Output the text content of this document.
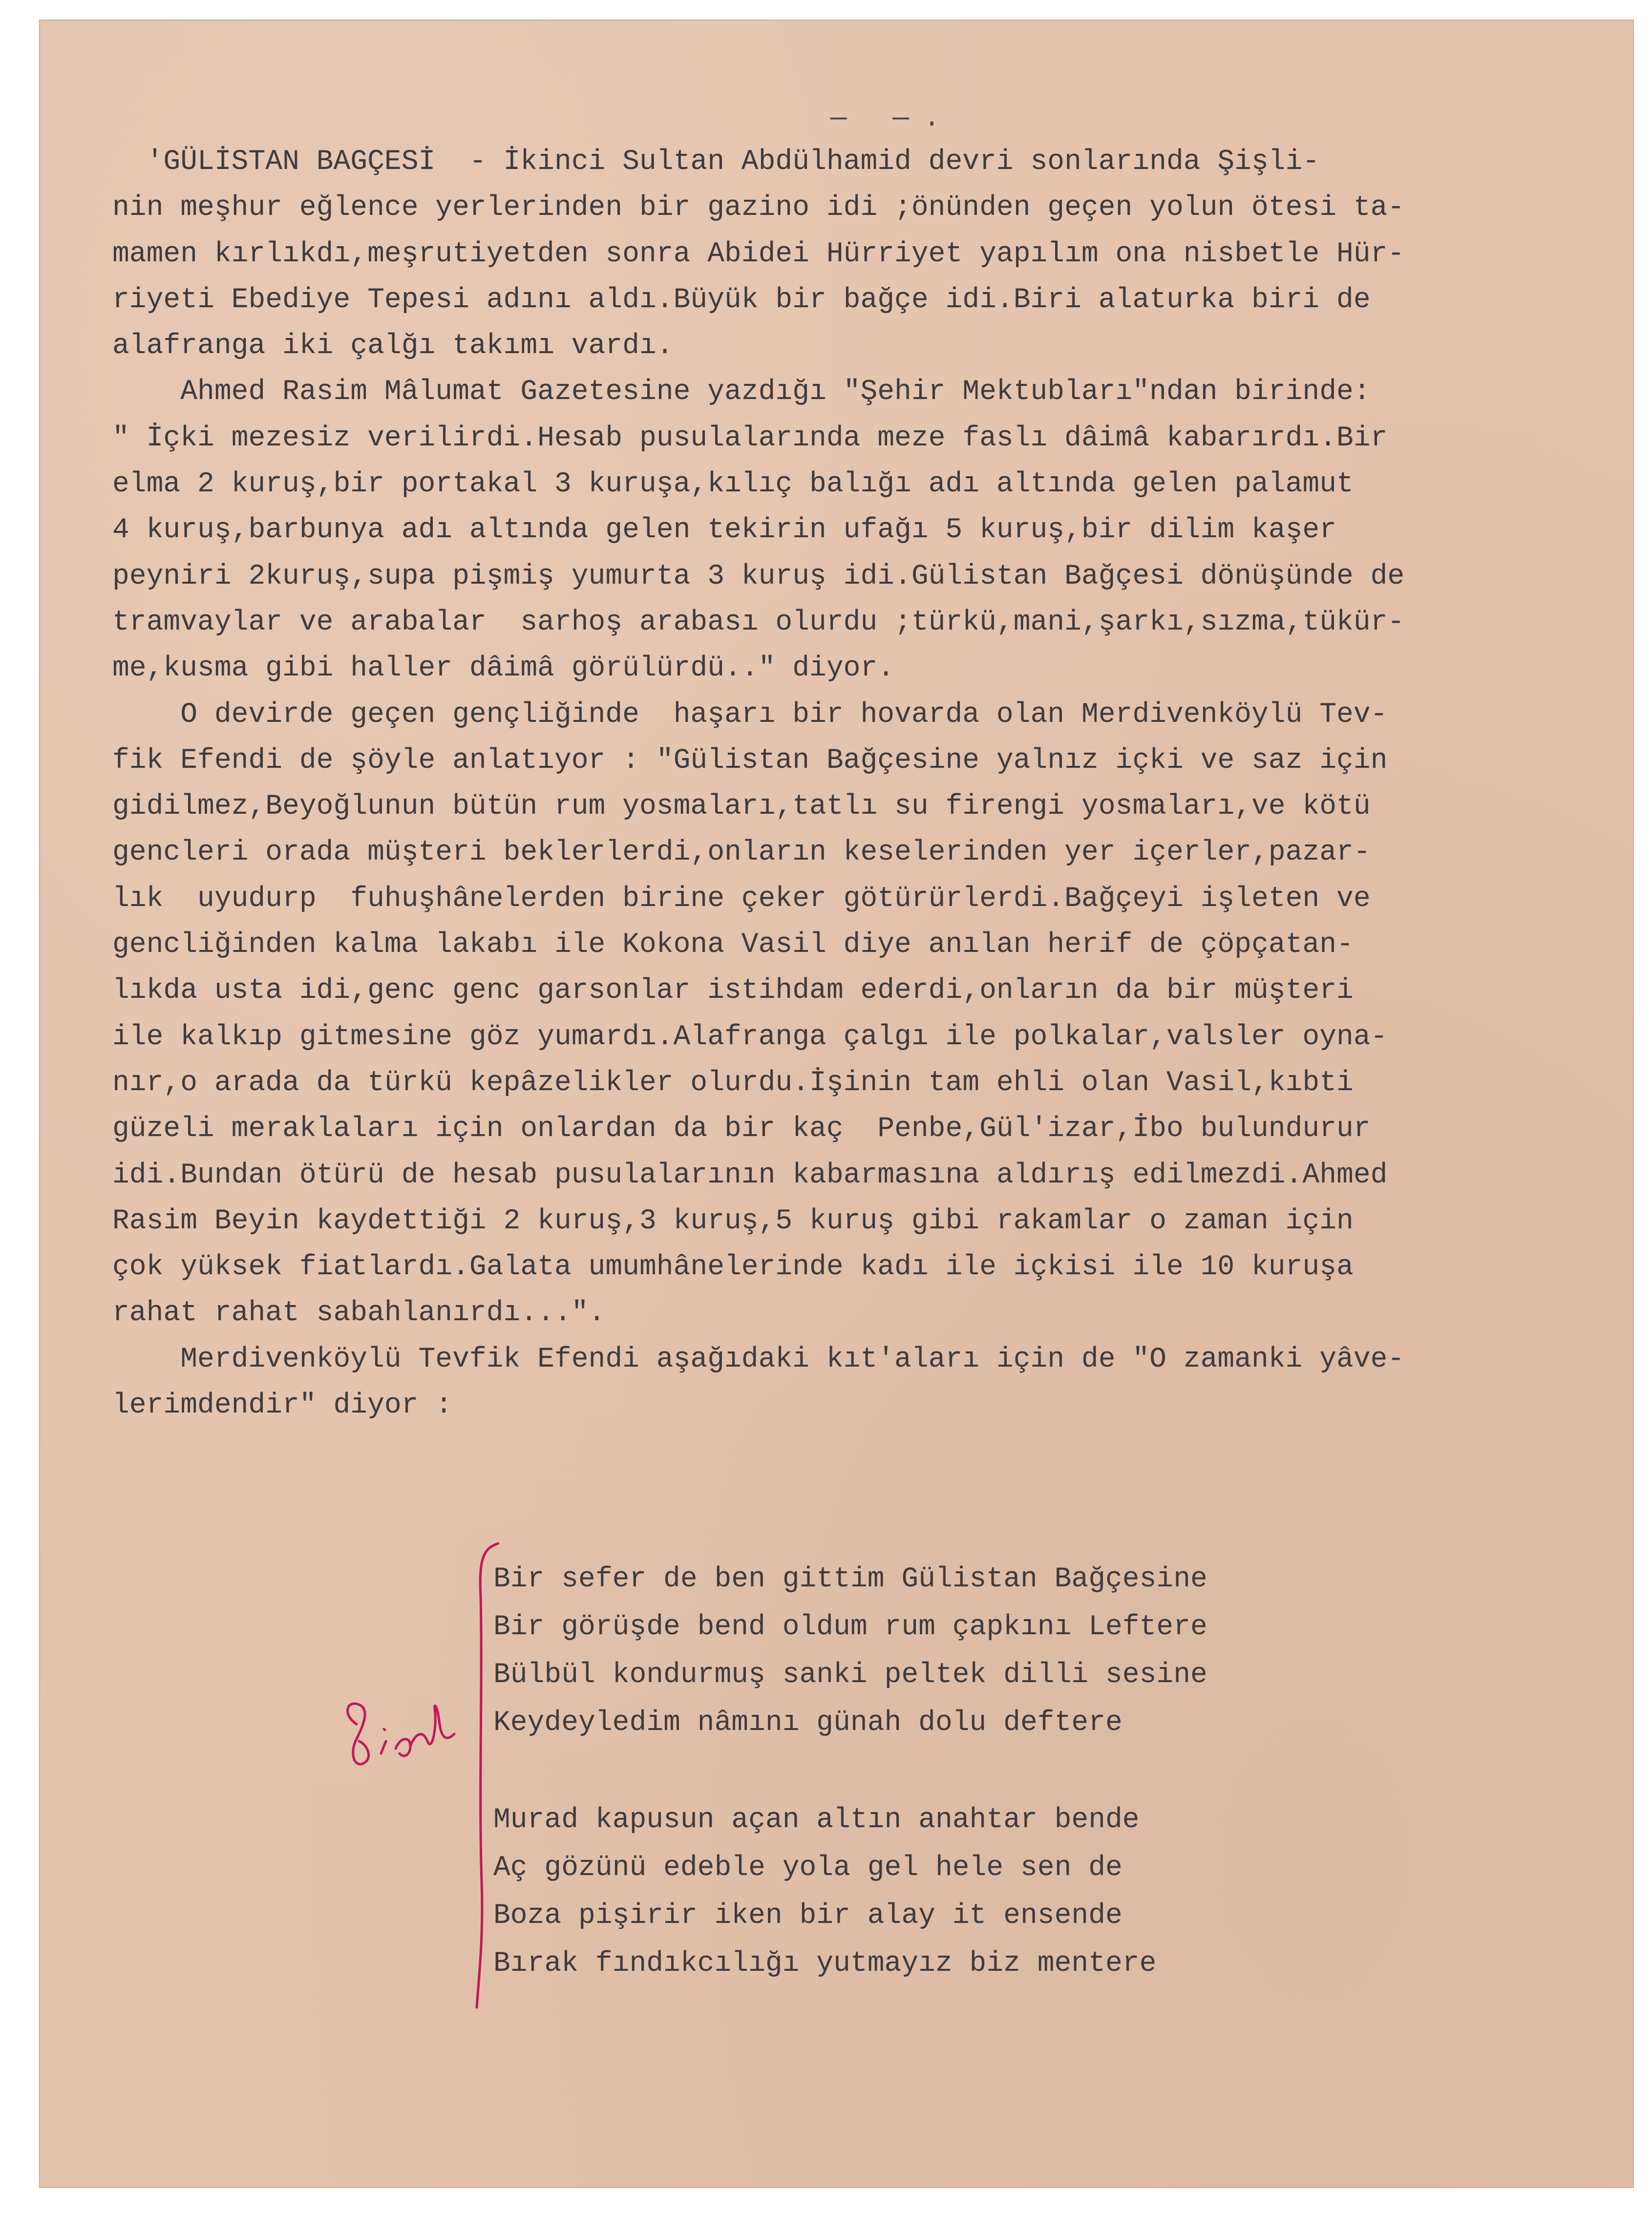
— —.
'GÜLİSTAN BAGÇESİ  - İkinci Sultan Abdülhamid devri sonlarında Şişli-
nin meşhur eğlence yerlerinden bir gazino idi ;önünden geçen yolun ötesi ta-
mamen kırlıkdı,meşrutiyetden sonra Abidei Hürriyet yapılım ona nisbetle Hür-
riyeti Ebediye Tepesi adını aldı.Büyük bir bağçe idi.Biri alaturka biri de
alafranga iki çalğı takımı vardı.
Ahmed Rasim Mâlumat Gazetesine yazdığı "Şehir Mektubları"ndan birinde:
" İçki mezesiz verilirdi.Hesab pusulalarında meze faslı dâimâ kabarırdı.Bir
elma 2 kuruş,bir portakal 3 kuruşa,kılıç balığı adı altında gelen palamut
4 kuruş,barbunya adı altında gelen tekirin ufağı 5 kuruş,bir dilim kaşer
peyniri 2kuruş,supa pişmiş yumurta 3 kuruş idi.Gülistan Bağçesi dönüşünde de
tramvaylar ve arabalar  sarhoş arabası olurdu ;türkü,mani,şarkı,sızma,tükür-
me,kusma gibi haller dâimâ görülürdü.." diyor.
O devirde geçen gençliğinde  haşarı bir hovarda olan Merdivenköylü Tev-
fik Efendi de şöyle anlatıyor : "Gülistan Bağçesine yalnız içki ve saz için
gidilmez,Beyoğlunun bütün rum yosmaları,tatlı su firengi yosmaları,ve kötü
gencleri orada müşteri beklerlerdi,onların keselerinden yer içerler,pazar-
lık  uyudurp  fuhuşhânelerden birine çeker götürürlerdi.Bağçeyi işleten ve
gencliğinden kalma lakabı ile Kokona Vasil diye anılan herif de çöpçatan-
lıkda usta idi,genc genc garsonlar istihdam ederdi,onların da bir müşteri
ile kalkıp gitmesine göz yumardı.Alafranga çalgı ile polkalar,valsler oyna-
nır,o arada da türkü kepâzelikler olurdu.İşinin tam ehli olan Vasil,kıbti
güzeli meraklaları için onlardan da bir kaç  Penbe,Gül'izar,İbo bulundurur
idi.Bundan ötürü de hesab pusulalarının kabarmasına aldırış edilmezdi.Ahmed
Rasim Beyin kaydettiği 2 kuruş,3 kuruş,5 kuruş gibi rakamlar o zaman için
çok yüksek fiatlardı.Galata umumhânelerinde kadı ile içkisi ile 10 kuruşa
rahat rahat sabahlanırdı...".
Merdivenköylü Tevfik Efendi aşağıdaki kıt'aları için de "O zamanki yâve-
lerimdendir" diyor :
Bir sefer de ben gittim Gülistan Bağçesine
Bir görüşde bend oldum rum çapkını Leftere
Bülbül kondurmuş sanki peltek dilli sesine
Keydeyledim nâmını günah dolu deftere
Murad kapusun açan altın anahtar bende
Aç gözünü edeble yola gel hele sen de
Boza pişirir iken bir alay it ensende
Bırak fındıkcılığı yutmayız biz mentere
